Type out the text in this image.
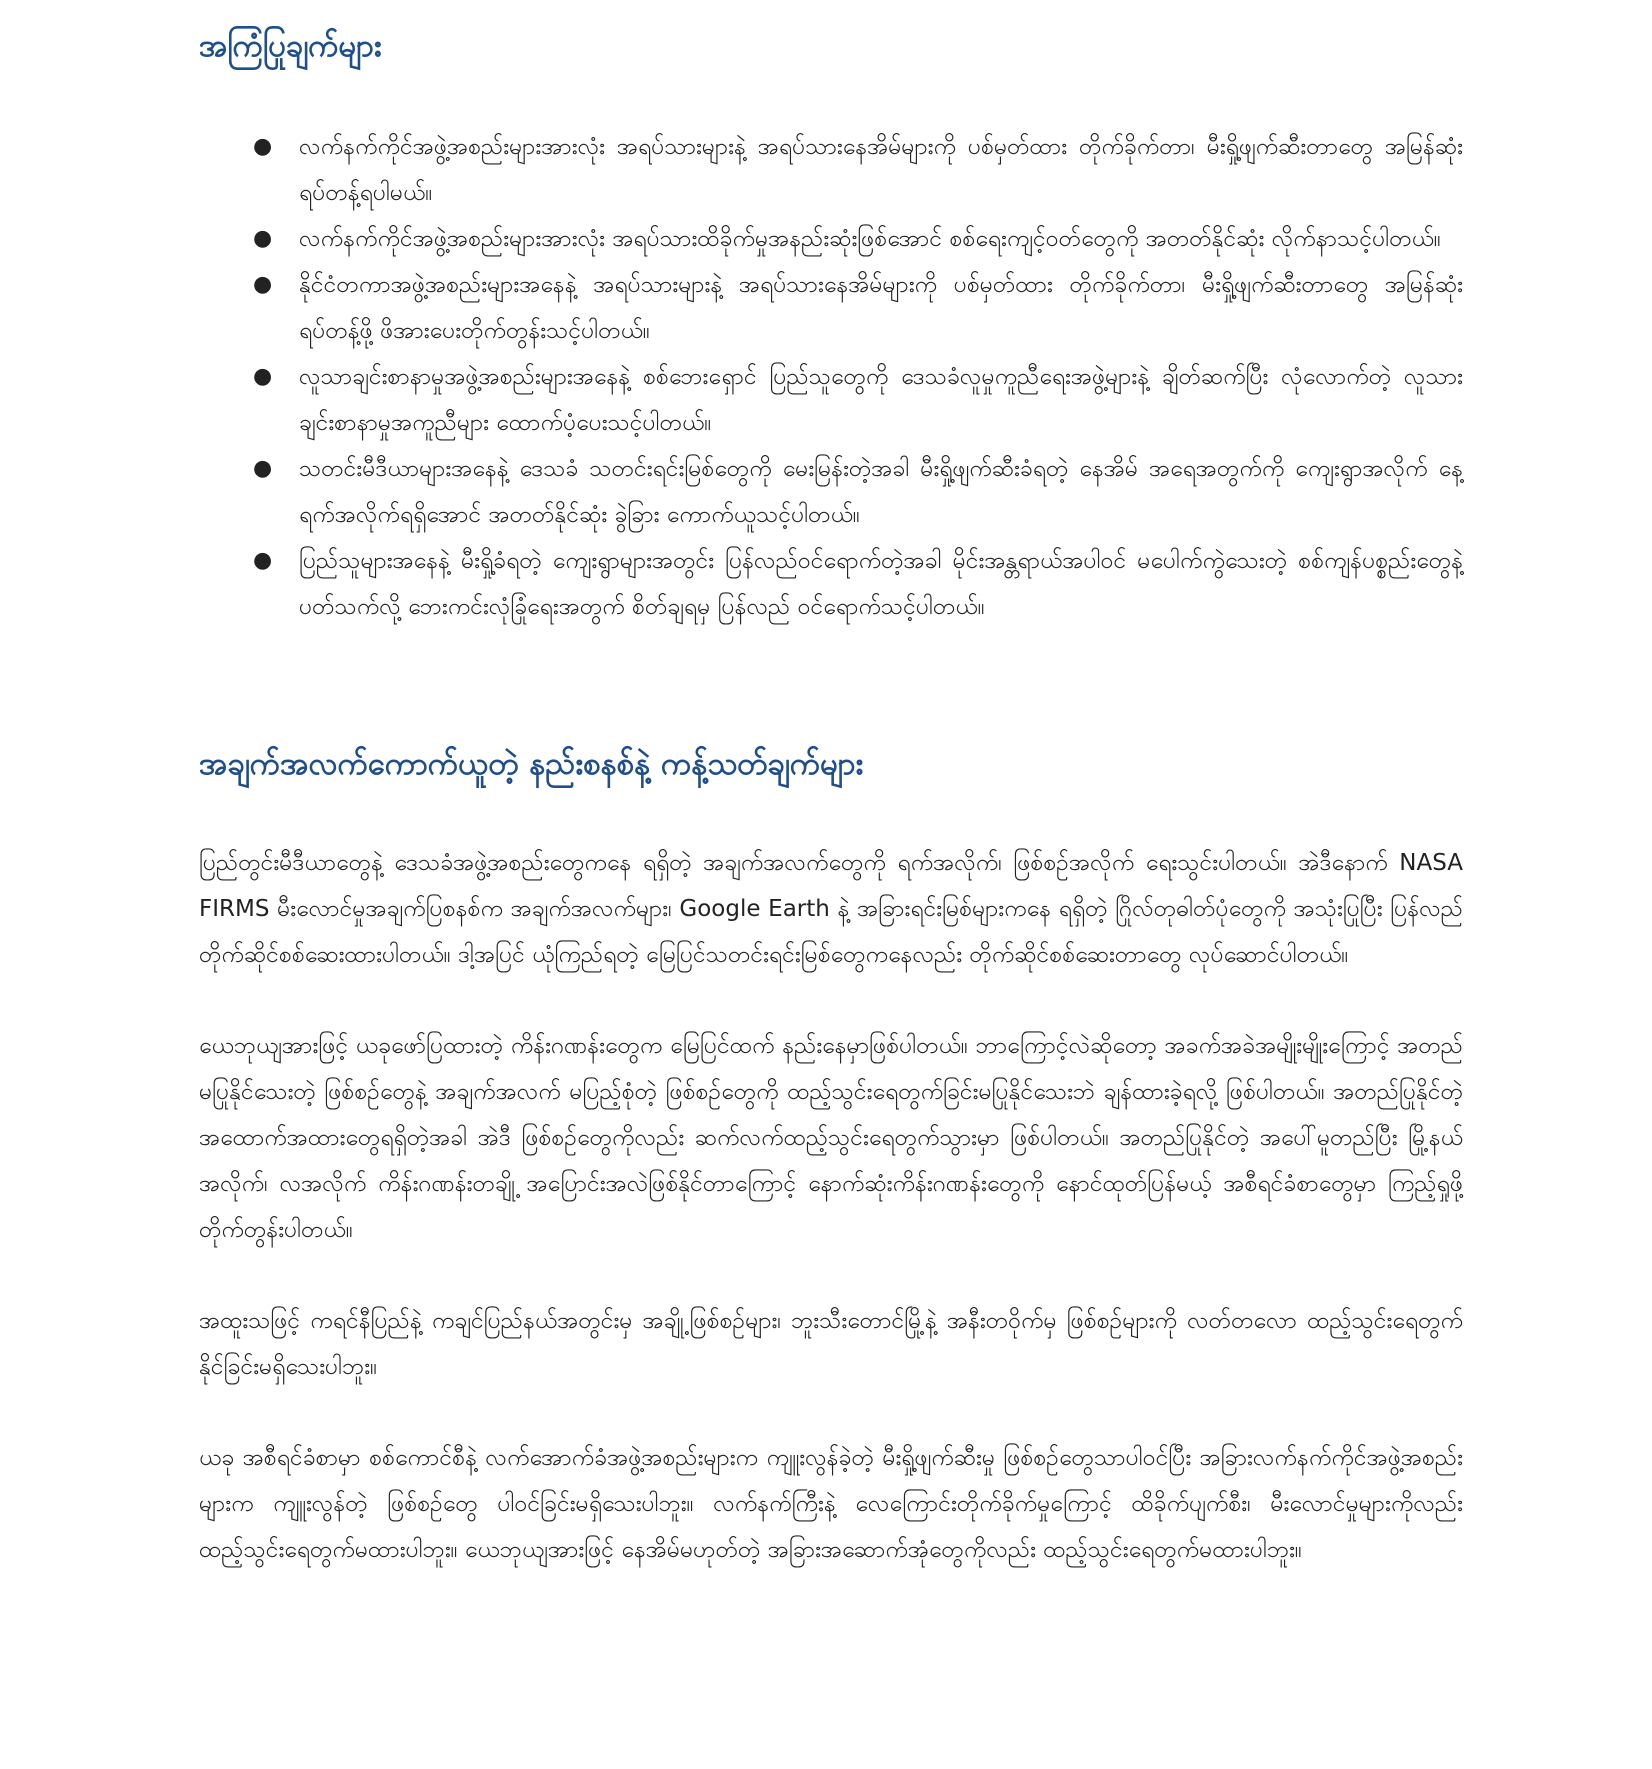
အကြံပြုချက်များ
● လက်နက်ကိုင်အဖွဲ့အစည်းများအားလုံး အရပ်သားများနဲ့ အရပ်သားနေအိမ်များကို ပစ်မှတ်ထား တိုက်ခိုက်တာ၊ မီးရှို့ဖျက်ဆီးတာတွေ အမြန်ဆုံးရပ်တန့်ရပါမယ်။
● လက်နက်ကိုင်အဖွဲ့အစည်းများအားလုံး အရပ်သားထိခိုက်မှုအနည်းဆုံးဖြစ်အောင် စစ်ရေးကျင့်ဝတ်တွေကို အတတ်နိုင်ဆုံး လိုက်နာသင့်ပါတယ်။
● နိုင်ငံတကာအဖွဲ့အစည်းများအနေနဲ့ အရပ်သားများနဲ့ အရပ်သားနေအိမ်များကို ပစ်မှတ်ထား တိုက်ခိုက်တာ၊ မီးရှို့ဖျက်ဆီးတာတွေ အမြန်ဆုံးရပ်တန့်ဖို့ ဖိအားပေးတိုက်တွန်းသင့်ပါတယ်။
● လူသာချင်းစာနာမှုအဖွဲ့အစည်းများအနေနဲ့ စစ်ဘေးရှောင် ပြည်သူတွေကို ဒေသခံလူမှုကူညီရေးအဖွဲ့များနဲ့ ချိတ်ဆက်ပြီး လုံလောက်တဲ့ လူသားချင်းစာနာမှုအကူညီများ ထောက်ပံ့ပေးသင့်ပါတယ်။
● သတင်းမီဒီယာများအနေနဲ့ ဒေသခံ သတင်းရင်းမြစ်တွေကို မေးမြန်းတဲ့အခါ မီးရှို့ဖျက်ဆီးခံရတဲ့ နေအိမ် အရေအတွက်ကို ကျေးရွာအလိုက် နေ့ရက်အလိုက်ရရှိအောင် အတတ်နိုင်ဆုံး ခွဲခြား ကောက်ယူသင့်ပါတယ်။
● ပြည်သူများအနေနဲ့ မီးရှို့ခံရတဲ့ ကျေးရွာများအတွင်း ပြန်လည်ဝင်ရောက်တဲ့အခါ မိုင်းအန္တရာယ်အပါဝင် မပေါက်ကွဲသေးတဲ့ စစ်ကျန်ပစ္စည်းတွေနဲ့ ပတ်သက်လို့ ဘေးကင်းလုံခြုံရေးအတွက် စိတ်ချရမှ ပြန်လည် ဝင်ရောက်သင့်ပါတယ်။
အချက်အလက်ကောက်ယူတဲ့ နည်းစနစ်နဲ့ ကန့်သတ်ချက်များ

ပြည်တွင်းမီဒီယာတွေနဲ့ ဒေသခံအဖွဲ့အစည်းတွေကနေ ရရှိတဲ့ အချက်အလက်တွေကို ရက်အလိုက်၊ ဖြစ်စဉ်အလိုက် ရေးသွင်းပါတယ်။ အဲဒီနောက် NASA FIRMS မီးလောင်မှုအချက်ပြစနစ်က အချက်အလက်များ၊ Google Earth နဲ့ အခြားရင်းမြစ်များကနေ ရရှိတဲ့ ဂြိုလ်တုဓါတ်ပုံတွေကို အသုံးပြုပြီး ပြန်လည် တိုက်ဆိုင်စစ်ဆေးထားပါတယ်။ ဒါ့အပြင် ယုံကြည်ရတဲ့ မြေပြင်သတင်းရင်းမြစ်တွေကနေလည်း တိုက်ဆိုင်စစ်ဆေးတာတွေ လုပ်ဆောင်ပါတယ်။

ယေဘုယျအားဖြင့် ယခုဖော်ပြထားတဲ့ ကိန်းဂဏန်းတွေက မြေပြင်ထက် နည်းနေမှာဖြစ်ပါတယ်။ ဘာကြောင့်လဲဆိုတော့ အခက်အခဲအမျိုးမျိုးကြောင့် အတည်မပြုနိုင်သေးတဲ့ ဖြစ်စဉ်တွေနဲ့ အချက်အလက် မပြည့်စုံတဲ့ ဖြစ်စဉ်တွေကို ထည့်သွင်းရေတွက်ခြင်းမပြုနိုင်သေးဘဲ ချန်ထားခဲ့ရလို့ ဖြစ်ပါတယ်။ အတည်ပြုနိုင်တဲ့ အထောက်အထားတွေရရှိတဲ့အခါ အဲဒီ ဖြစ်စဉ်တွေကိုလည်း ဆက်လက်ထည့်သွင်းရေတွက်သွားမှာ ဖြစ်ပါတယ်။ အတည်ပြုနိုင်တဲ့ အပေါ်မူတည်ပြီး မြို့နယ်အလိုက်၊ လအလိုက် ကိန်းဂဏန်းတချို့ အပြောင်းအလဲဖြစ်နိုင်တာကြောင့် နောက်ဆုံးကိန်းဂဏန်းတွေကို နောင်ထုတ်ပြန်မယ့် အစီရင်ခံစာတွေမှာ ကြည့်ရှုဖို့ တိုက်တွန်းပါတယ်။

အထူးသဖြင့် ကရင်နီပြည်နဲ့ ကချင်ပြည်နယ်အတွင်းမှ အချို့ဖြစ်စဉ်များ၊ ဘူးသီးတောင်မြို့နဲ့ အနီးတဝိုက်မှ ဖြစ်စဉ်များကို လတ်တလော ထည့်သွင်းရေတွက်နိုင်ခြင်းမရှိသေးပါဘူး။

ယခု အစီရင်ခံစာမှာ စစ်ကောင်စီနဲ့ လက်အောက်ခံအဖွဲ့အစည်းများက ကျူးလွန်ခဲ့တဲ့ မီးရှို့ဖျက်ဆီးမှု ဖြစ်စဉ်တွေသာပါဝင်ပြီး အခြားလက်နက်ကိုင်အဖွဲ့အစည်းများက ကျူးလွန်တဲ့ ဖြစ်စဉ်တွေ ပါဝင်ခြင်းမရှိသေးပါဘူး။ လက်နက်ကြီးနဲ့ လေကြောင်းတိုက်ခိုက်မှုကြောင့် ထိခိုက်ပျက်စီး၊ မီးလောင်မှုများကိုလည်း ထည့်သွင်းရေတွက်မထားပါဘူး။ ယေဘုယျအားဖြင့် နေအိမ်မဟုတ်တဲ့ အခြားအဆောက်အုံတွေကိုလည်း ထည့်သွင်းရေတွက်မထားပါဘူး။
